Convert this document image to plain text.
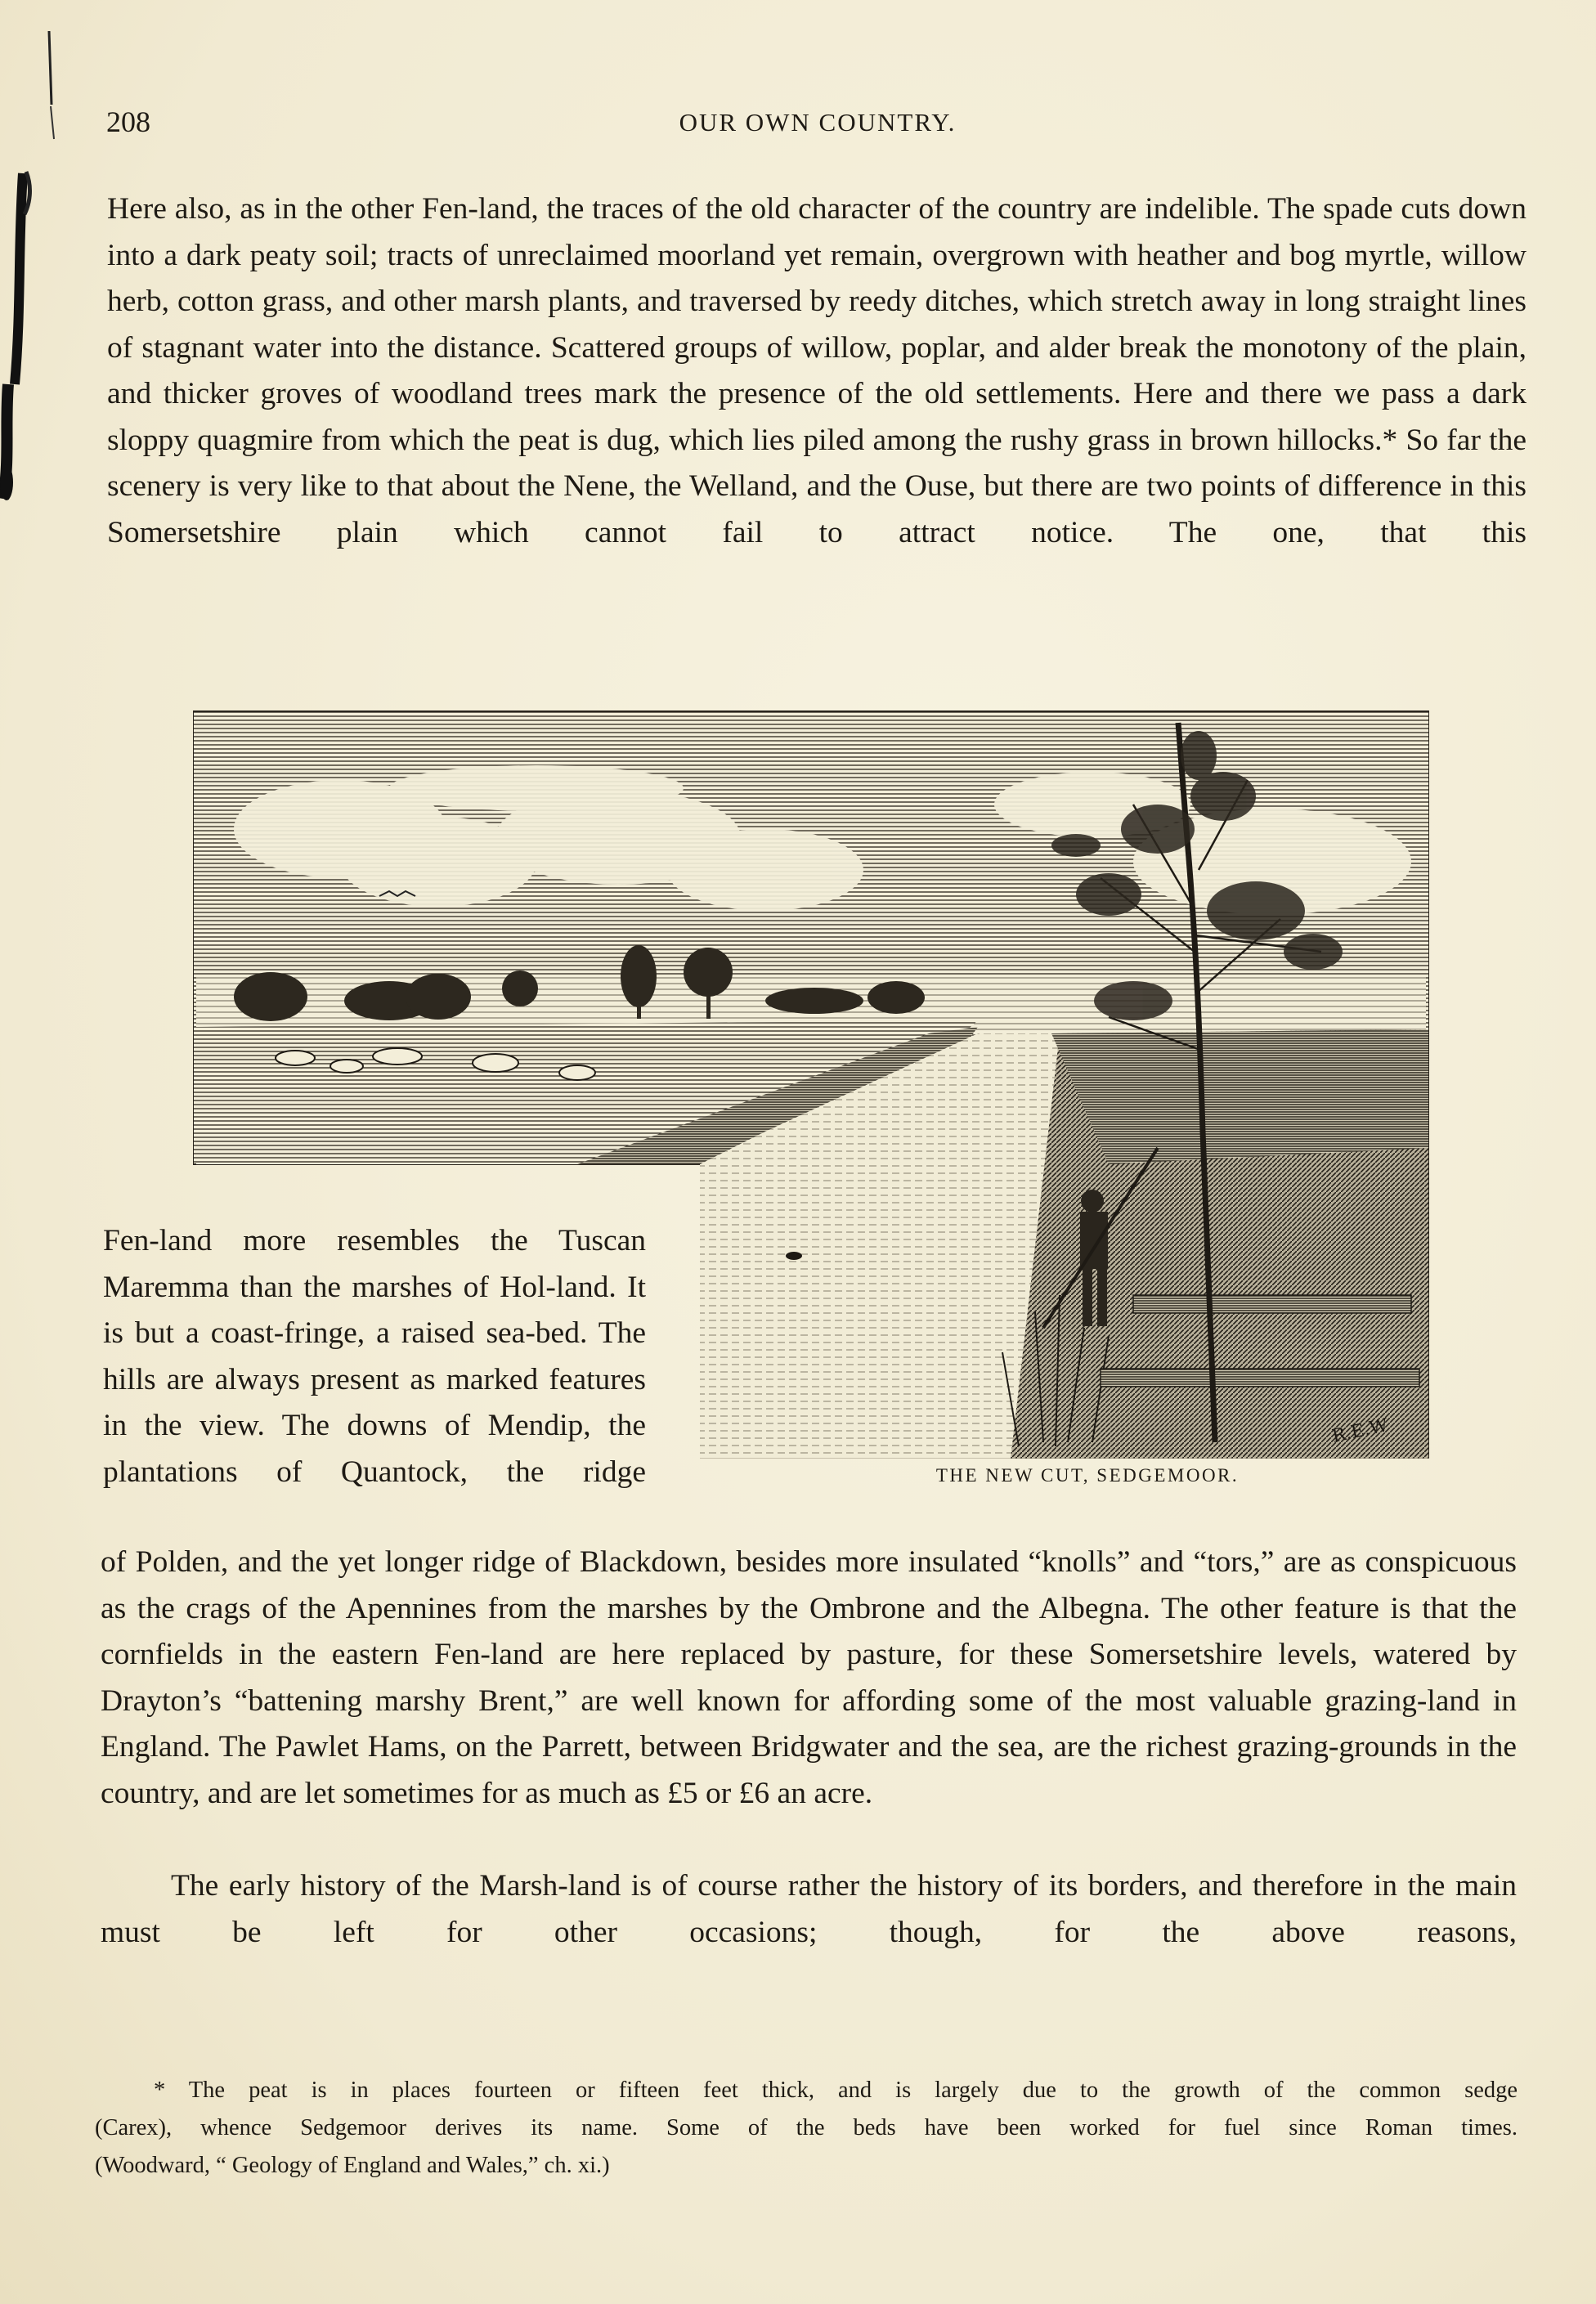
208	OUR OWN COUNTRY.

Here also, as in the other Fen-land, the traces of the old character of the country are indelible. The spade cuts down into a dark peaty soil; tracts of unreclaimed moorland yet remain, overgrown with heather and bog myrtle, willow herb, cotton grass, and other marsh plants, and traversed by reedy ditches, which stretch away in long straight lines of stagnant water into the distance. Scattered groups of willow, poplar, and alder break the monotony of the plain, and thicker groves of woodland trees mark the presence of the old settlements. Here and there we pass a dark sloppy quagmire from which the peat is dug, which lies piled among the rushy grass in brown hillocks.* So far the scenery is very like to that about the Nene, the Welland, and the Ouse, but there are two points of difference in this Somersetshire plain which cannot fail to attract notice. The one, that this

R.E.W

Fen-land more resembles the Tuscan Maremma than the marshes of Hol-land. It is but a coast-fringe, a raised sea-bed. The hills are always present as marked features in the view. The downs of Mendip, the plantations of Quantock, the ridge	THE NEW CUT, SEDGEMOOR.

of Polden, and the yet longer ridge of Blackdown, besides more insulated “knolls” and “tors,” are as conspicuous as the crags of the Apennines from the marshes by the Ombrone and the Albegna. The other feature is that the cornfields in the eastern Fen-land are here replaced by pasture, for these Somersetshire levels, watered by Drayton’s “battening marshy Brent,” are well known for affording some of the most valuable grazing-land in England. The Pawlet Hams, on the Parrett, between Bridgwater and the sea, are the richest grazing-grounds in the country, and are let sometimes for as much as £5 or £6 an acre.

The early history of the Marsh-land is of course rather the history of its borders, and therefore in the main must be left for other occasions; though, for the above reasons,

* The peat is in places fourteen or fifteen feet thick, and is largely due to the growth of the common sedge

(Carex), whence Sedgemoor derives its name. Some of the beds have been worked for fuel since Roman times.

(Woodward, “ Geology of England and Wales,” ch. xi.)
